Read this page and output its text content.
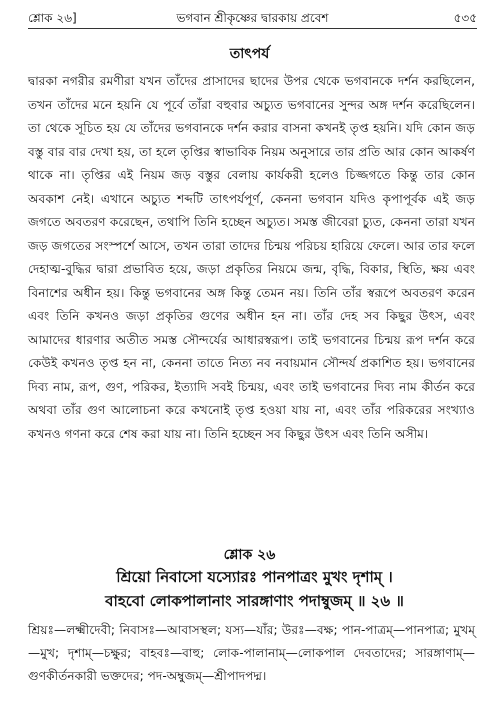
শ্লোক ২৬]	ভগবান শ্রীকৃষ্ণের দ্বারকায় প্রবেশ	৫৩৫
তাৎপর্য

দ্বারকা নগরীর রমণীরা যখন তাঁদের প্রাসাদের ছাদের উপর থেকে ভগবানকে দর্শন করছিলেন, তখন তাঁদের মনে হয়নি যে পূর্বে তাঁরা বহুবার অচ্যুত ভগবানের সুন্দর অঙ্গ দর্শন করেছিলেন। তা থেকে সূচিত হয় যে তাঁদের ভগবানকে দর্শন করার বাসনা কখনই তৃপ্ত হয়নি। যদি কোন জড় বস্তু বার বার দেখা হয়, তা হলে তৃপ্তির স্বাভাবিক নিয়ম অনুসারে তার প্রতি আর কোন আকর্ষণ থাকে না। তৃপ্তির এই নিয়ম জড় বস্তুর বেলায় কার্যকরী হলেও চিজ্জগতে কিন্তু তার কোন অবকাশ নেই। এখানে অচ্যুত শব্দটি তাৎপর্যপূর্ণ, কেননা ভগবান যদিও কৃপাপূর্বক এই জড় জগতে অবতরণ করেছেন, তথাপি তিনি হচ্ছেন অচ্যুত। সমস্ত জীবেরা চ্যুত, কেননা তারা যখন জড় জগতের সংস্পর্শে আসে, তখন তারা তাদের চিন্ময় পরিচয় হারিয়ে ফেলে। আর তার ফলে দেহাত্ম-বুদ্ধির দ্বারা প্রভাবিত হয়ে, জড়া প্রকৃতির নিয়মে জন্ম, বৃদ্ধি, বিকার, স্থিতি, ক্ষয় এবং বিনাশের অধীন হয়। কিন্তু ভগবানের অঙ্গ কিন্তু তেমন নয়। তিনি তাঁর স্বরূপে অবতরণ করেন এবং তিনি কখনও জড়া প্রকৃতির গুণের অধীন হন না। তাঁর দেহ সব কিছুর উৎস, এবং আমাদের ধারণার অতীত সমস্ত সৌন্দর্যের আধারস্বরূপ। তাই ভগবানের চিন্ময় রূপ দর্শন করে কেউই কখনও তৃপ্ত হন না, কেননা তাতে নিত্য নব নবায়মান সৌন্দর্য প্রকাশিত হয়। ভগবানের দিব্য নাম, রূপ, গুণ, পরিকর, ইত্যাদি সবই চিন্ময়, এবং তাই ভগবানের দিব্য নাম কীর্তন করে অথবা তাঁর গুণ আলোচনা করে কখনোই তৃপ্ত হওয়া যায় না, এবং তাঁর পরিকরের সংখ্যাও কখনও গণনা করে শেষ করা যায় না। তিনি হচ্ছেন সব কিছুর উৎস এবং তিনি অসীম।

শ্লোক ২৬
শ্রিয়ো নিবাসো যস্যোরঃ পানপাত্রং মুখং দৃশাম্ ।
বাহবো লোকপালানাং সারঙ্গাণাং পদাম্বুজম্ ॥ ২৬ ॥
শ্রিয়ঃ—লক্ষ্মীদেবী; নিবাসঃ—আবাসস্থল; যস্য—যাঁর; উরঃ—বক্ষ; পান-পাত্রম্—পানপাত্র; মুখম্—মুখ; দৃশাম্—চক্ষুর; বাহবঃ—বাহু; লোক-পালানাম্—লোকপাল দেবতাদের; সারঙ্গাণাম্—গুণকীর্তনকারী ভক্তদের; পদ-অম্বুজম্—শ্রীপাদপদ্ম।
